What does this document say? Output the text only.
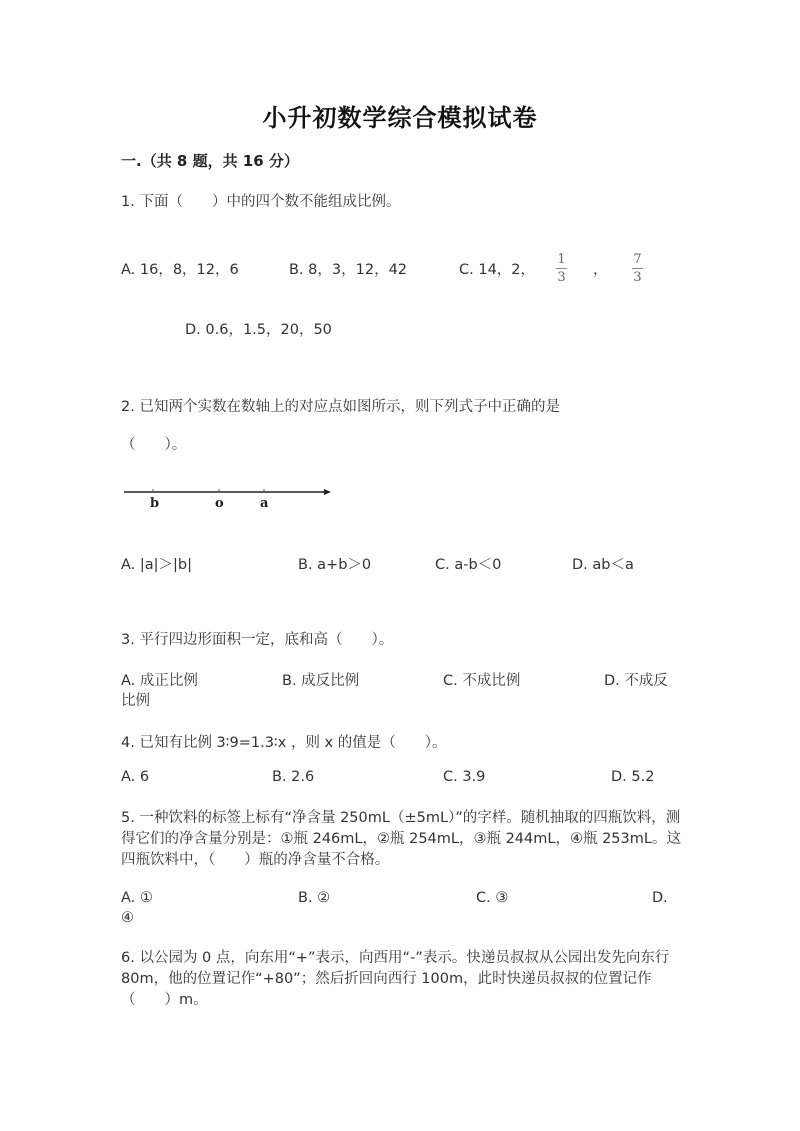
小升初数学综合模拟试卷
一.（共 8 题，共 16 分）
1. 下面（　　）中的四个数不能组成比例。
A. 16，8，12，6	B. 8，3，12，42	C. 14，2，
1
3 ，
7
3
D. 0.6，1.5，20，50
2. 已知两个实数在数轴上的对应点如图所示，则下列式子中正确的是
（　　）。
b	o	a
A. |a|＞|b|	B. a+b＞0	C. a-b＜0	D. ab＜a
3. 平行四边形面积一定，底和高（　　）。
A. 成正比例	B. 成反比例	C. 不成比例	D. 不成反
比例
4. 已知有比例 3∶9=1.3∶x ，则 x 的值是（　　）。
A. 6	B. 2.6	C. 3.9	D. 5.2
5. 一种饮料的标签上标有“净含量 250mL（±5mL）”的字样。随机抽取的四瓶饮料，测得它们的净含量分别是：①瓶 246mL，②瓶 254mL，③瓶 244mL，④瓶 253mL。这四瓶饮料中，（　　）瓶的净含量不合格。
A. ①	B. ②	C. ③	D.
④
6. 以公园为 0 点，向东用“+”表示，向西用“-”表示。快递员叔叔从公园出发先向东行 80m，他的位置记作“+80”；然后折回向西行 100m，此时快递员叔叔的位置记作（　　）m。
